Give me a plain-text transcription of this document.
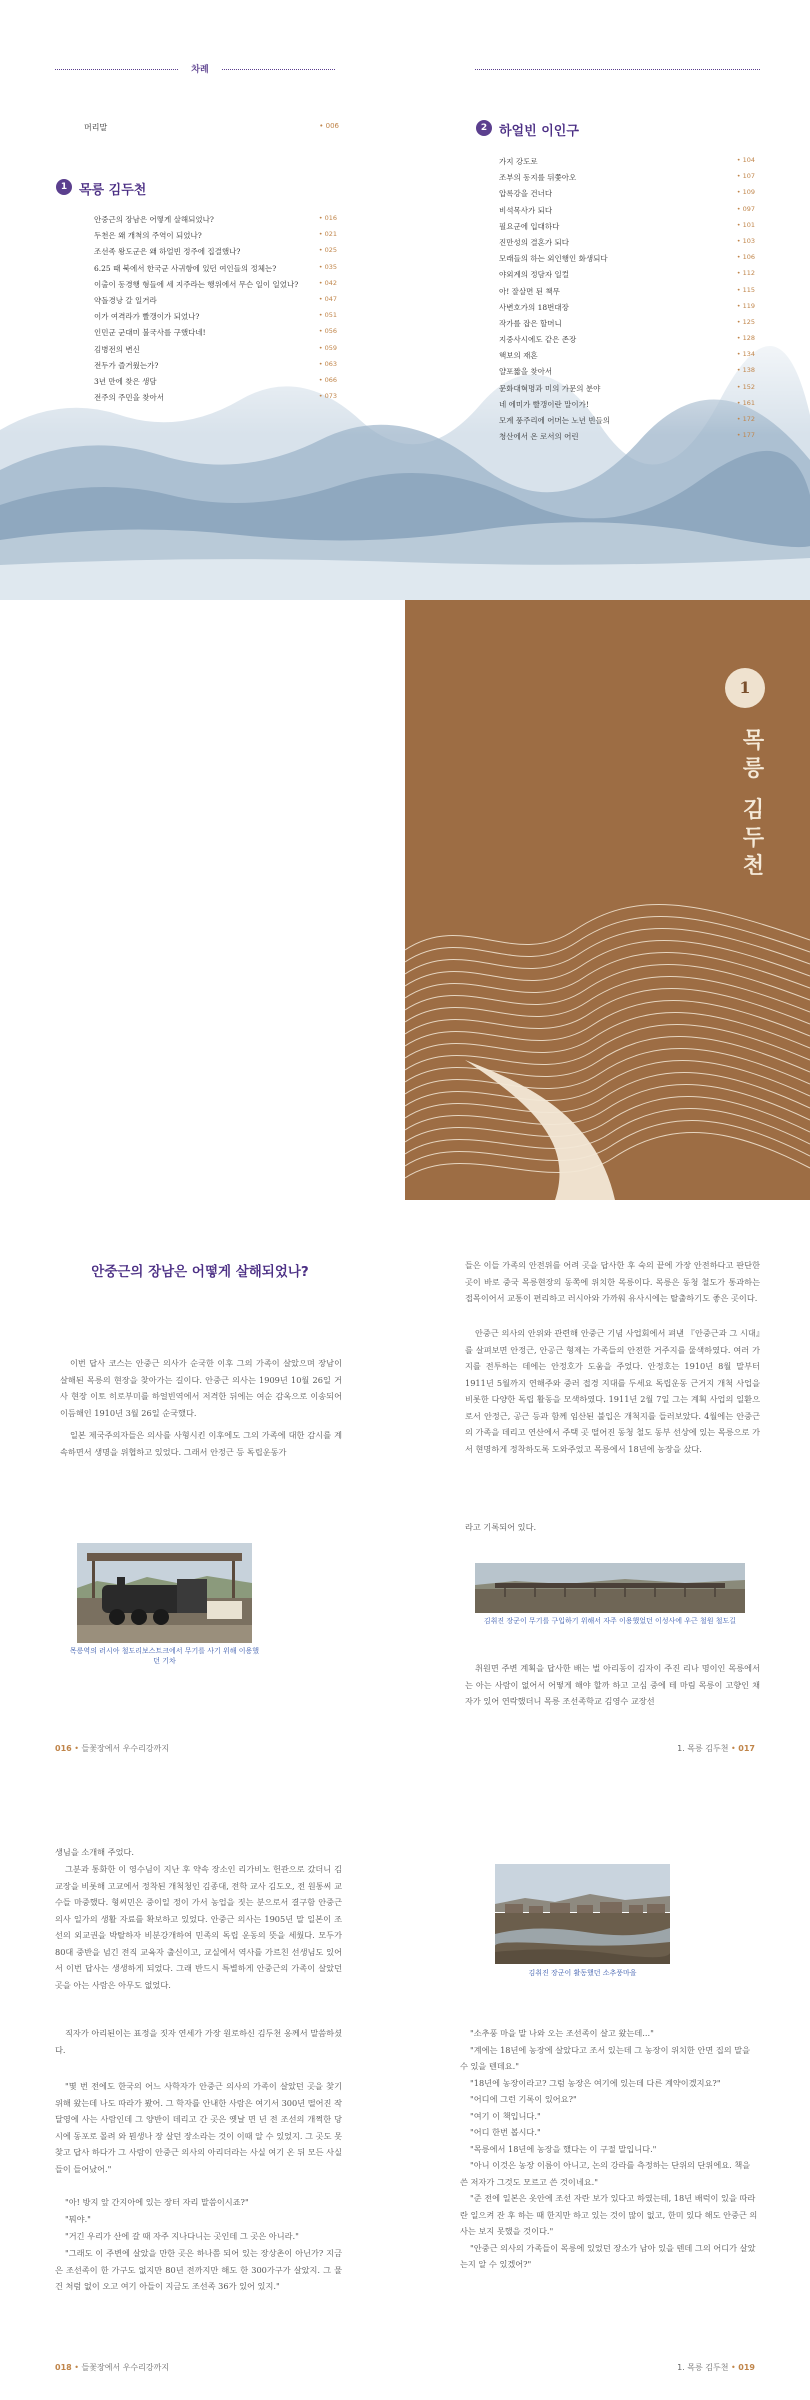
차례
머리말	• 006
1 목릉 김두천
안중근의 장남은 어떻게 살해되었나?	• 016
두천은 왜 개척의 주역이 되었나?	• 021
조선족 왕도군은 왜 하얼빈 정주에 집결했나?	• 025
6.25 때 북에서 한국군 사귀항에 있던 여인들의 정체는?	• 035
이출이 동경행 형들에 세 지주라는 행위에서 무슨 일이 일었나?	• 042
약돌경낭 갈 일거라	• 047
이가 여격라가 빨갱이가 되었나?	• 051
인민군 군대미 불국사를 구했다네!	• 056
김병전의 변신	• 059
전두가 즐거웠는가?	• 063
3년 만에 찾은 생담	• 066
전주의 주민을 찾아서	• 073
2 하얼빈 이인구
가지 강도로	• 104
조부의 동지를 뒤쫓아오	• 107
압록강을 건너다	• 109
비석목사가 되다	• 097
필요군에 입대하다	• 101
진만성의 결혼가 되다	• 103
모래들의 하는 외인행인 화생되다	• 106
야외계의 정담자 일컬	• 112
아! 잘살면 된 책무	• 115
사변호가의 18번대장	• 119
작가를 잡은 할머니	• 125
지중사시에도 같은 존장	• 128
핵보의 재혼	• 134
얄포짧을 찾아서	• 138
문화대혁명과 미의 가문의 분야	• 152
네 에미가 빨갱이란 말이가!	• 161
모계 풍주리에 어머는 노년 빈들의	• 172
청산에서 온 로서의 어린	• 177
1
목릉 김두천
안중근의 장남은 어떻게 살해되었나?

이번 답사 코스는 안중근 의사가 순국한 이후 그의 가족이 살았으며 장남이 살해된 목릉의 현장을 찾아가는 길이다. 안중근 의사는 1909년 10월 26일 거사 현장 이토 히로부미를 하얼빈역에서 저격한 뒤에는 여순 감옥으로 이송되어 이듬해인 1910년 3월 26일 순국했다.

일본 제국주의자들은 의사를 사형시킨 이후에도 그의 가족에 대한 감시를 계속하면서 생명을 위협하고 있었다. 그래서 안정근 등 독립운동가

목릉역의 러시아 철도리보스트크에서 무기를 사기 위해 이용했던 기차

들은 이들 가족의 안전위를 어려 곳을 답사한 후 숙의 끝에 가장 안전하다고 판단한 곳이 바로 중국 목릉현장의 동쪽에 위치한 목릉이다. 목릉은 동청 철도가 통과하는 접목이어서 교통이 편리하고 러시아와 가까워 유사시에는 탈출하기도 좋은 곳이다.

안중근 의사의 안위와 관련해 안중근 기념 사업회에서 펴낸 『안중근과 그 시대』를 살펴보면 안정근, 안공근 형제는 가족들의 안전한 거주지를 물색하였다. 여러 가지를 전투하는 데에는 안정호가 도움을 주었다. 안정호는 1910년 8월 말부터 1911년 5월까지 연해주와 중러 접경 지대를 두세요 독립운동 근거지 개척 사업을 비롯한 다양한 독립 활동을 모색하였다. 1911년 2월 7일 그는 계획 사업의 일환으로서 안정근, 공근 등과 함께 임산된 불입은 개척지를 들러보았다. 4월에는 안중근의 가족을 데리고 연산에서 주택 곳 떨어진 동청 철도 동부 선상에 있는 목릉으로 가서 현명하게 정착하도록 도와주었고 목릉에서 18년에 농장을 샀다.

라고 기록되어 있다.

김취진 장군이 무기를 구입하기 위해서 자주 이용했었던 이성사에 우근 철원 철도길

취원면 주변 계획을 답사한 배는 벌 아리동이 김자이 주진 리나 명이인 목릉에서는 아는 사람이 없어서 어떻게 해야 할까 하고 고심 중에 테 마림 목릉이 고향인 채자가 있어 연락했더니 목릉 조선족학교 김영수 교장선

016 • 들꽃장에서 우수리강까지	1. 목릉 김두천 • 017

생님을 소개해 주었다.

그분과 통화한 이 영수님이 지난 후 약속 장소인 리가비노 헌관으로 갔더니 김 교장을 비롯해 고교에서 정착된 개척청인 김종대, 전학 교사 김도오, 전 원통씨 교수들 마중했다. 형씨민은 중이일 정이 가서 농업을 짓는 분으로서 결구함 안중근 의사 일가의 생활 자료를 확보하고 있었다. 안중근 의사는 1905년 말 일본이 조선의 외교권을 박탈하자 비분강개하여 민족의 독립 운동의 뜻을 세웠다. 모두가 80대 중반을 넘긴 전직 교육자 출신이고, 교실에서 역사를 가르친 선생님도 있어서 이번 답사는 생생하게 되었다. 그래 반드시 특별하게 안중근의 가족이 살았던 곳을 아는 사람은 아무도 없었다.

직자가 아리된이는 표정을 짓자 연세가 가장 원로하신 김두천 옹께서 말씀하셨다.

"몇 번 전에도 한국의 어느 사학자가 안중근 의사의 가족이 살았던 곳을 찾기 위해 왔는데 나도 따라가 봤어. 그 학자를 안내한 사람은 여기서 300년 떨어진 작달영에 사는 사람인데 그 양반이 데리고 간 곳은 옛날 면 년 전 조선의 개쩍한 당시에 동포로 몰려 와 뭔생나 장 살던 장소라는 것이 이때 알 수 있었지. 그 곳도 못찾고 답사 하다가 그 사람이 안중근 의사의 아리더라는 사실 여기 온 뒤 모든 사실들이 들어났어."

"아! 방지 앞 간지아에 있는 장터 자리 말씀이시죠?"

"뭐야."

"거긴 우리가 산에 갈 때 자주 지나다니는 곳인데 그 곳은 아니라."

"그래도 이 주변에 살았을 만한 곳은 하나쯤 되어 있는 장상촌이 아닌가? 지금은 조선족이 한 가구도 없지만 80년 전까지만 해도 한 300가구가 살았지. 그 물건 처럼 없이 오고 여기 아들이 지금도 조선족 36가 있어 있지."

김취진 장군이 활동했던 소추풍마을

"소추풍 마을 말 나와 오는 조선족이 살고 왔는데..."

"계에는 18년에 농장에 살았다고 조서 있는데 그 농장이 위치한 안면 집의 말을 수 있을 텐데요."

"18년에 농장이라고? 그럼 농장은 여기에 있는데 다른 계약이겠지요?"

"어디에 그런 기록이 있어요?"

"여기 이 책입니다."

"어디 한번 봅시다."

"목릉에서 18년에 농장을 했다는 이 구절 말입니다."

"아니 이것은 농장 이름이 아니고, 논의 강라를 측정하는 단위의 단위에요. 책을 쓴 저자가 그것도 모르고 쓴 것이네요."

"준 전에 일본은 옷안에 조선 자란 보가 있다고 하였는데, 18년 배럭이 있을 따라란 일으켜 잔 후 하는 때 한지만 하고 있는 것이 많이 없고, 한미 있다 해도 안중근 의사는 보지 못했을 것이다."

"안중근 의사의 가족들이 목릉에 있었던 장소가 남아 있을 텐데 그의 어디가 살았는지 알 수 있겠어?"

018 • 들꽃장에서 우수리강까지	1. 목릉 김두천 • 019
